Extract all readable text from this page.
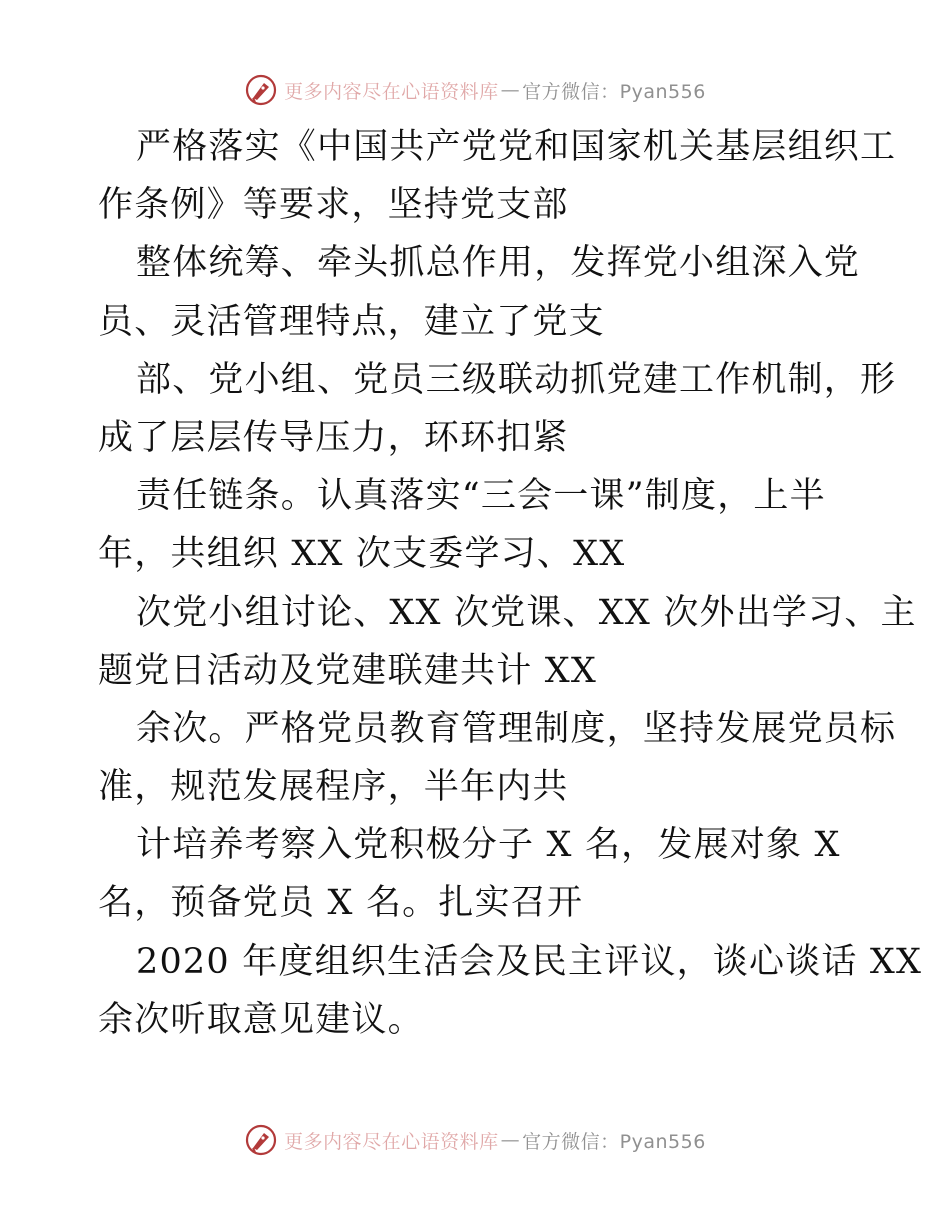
更多内容尽在心语资料库 — 官方微信：Pyan556
严格落实《中国共产党党和国家机关基层组织工
作条例》等要求，坚持党支部
整体统筹、牵头抓总作用，发挥党小组深入党
员、灵活管理特点，建立了党支
部、党小组、党员三级联动抓党建工作机制，形
成了层层传导压力，环环扣紧
责任链条。认真落实“三会一课”制度，上半
年，共组织 XX 次支委学习、XX
次党小组讨论、XX 次党课、XX 次外出学习、主
题党日活动及党建联建共计 XX
余次。严格党员教育管理制度，坚持发展党员标
准，规范发展程序，半年内共
计培养考察入党积极分子 X 名，发展对象 X
名，预备党员 X 名。扎实召开
2020 年度组织生活会及民主评议，谈心谈话 XX
余次听取意见建议。
更多内容尽在心语资料库 — 官方微信：Pyan556
